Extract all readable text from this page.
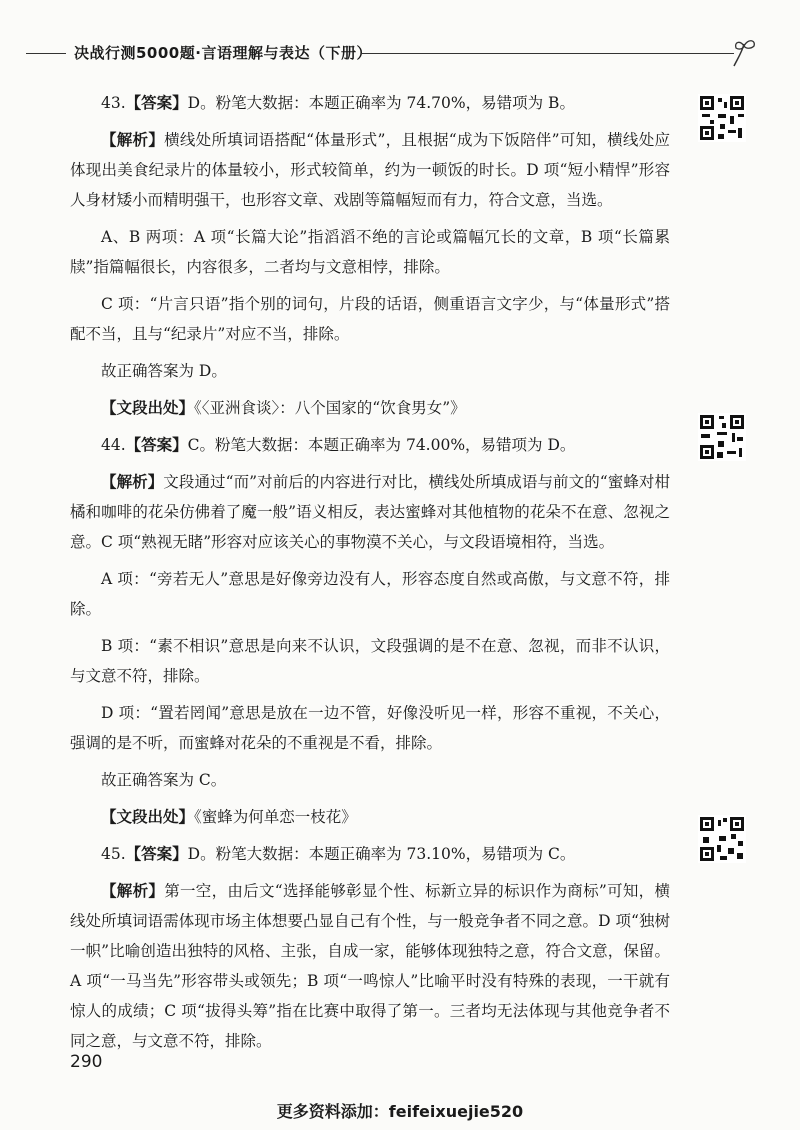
决战行测5000题·言语理解与表达（下册）

43.【答案】D。粉笔大数据：本题正确率为 74.70%，易错项为 B。

【解析】横线处所填词语搭配“体量形式”，且根据“成为下饭陪伴”可知，横线处应体现出美食纪录片的体量较小，形式较简单，约为一顿饭的时长。D 项“短小精悍”形容人身材矮小而精明强干，也形容文章、戏剧等篇幅短而有力，符合文意，当选。

A、B 两项：A 项“长篇大论”指滔滔不绝的言论或篇幅冗长的文章，B 项“长篇累牍”指篇幅很长，内容很多，二者均与文意相悖，排除。

C 项：“片言只语”指个别的词句，片段的话语，侧重语言文字少，与“体量形式”搭配不当，且与“纪录片”对应不当，排除。

故正确答案为 D。

【文段出处】《〈亚洲食谈〉：八个国家的“饮食男女”》

44.【答案】C。粉笔大数据：本题正确率为 74.00%，易错项为 D。

【解析】文段通过“而”对前后的内容进行对比，横线处所填成语与前文的“蜜蜂对柑橘和咖啡的花朵仿佛着了魔一般”语义相反，表达蜜蜂对其他植物的花朵不在意、忽视之意。C 项“熟视无睹”形容对应该关心的事物漠不关心，与文段语境相符，当选。

A 项：“旁若无人”意思是好像旁边没有人，形容态度自然或高傲，与文意不符，排除。

B 项：“素不相识”意思是向来不认识，文段强调的是不在意、忽视，而非不认识，与文意不符，排除。

D 项：“置若罔闻”意思是放在一边不管，好像没听见一样，形容不重视，不关心，强调的是不听，而蜜蜂对花朵的不重视是不看，排除。

故正确答案为 C。

【文段出处】《蜜蜂为何单恋一枝花》

45.【答案】D。粉笔大数据：本题正确率为 73.10%，易错项为 C。

【解析】第一空，由后文“选择能够彰显个性、标新立异的标识作为商标”可知，横线处所填词语需体现市场主体想要凸显自己有个性，与一般竞争者不同之意。D 项“独树一帜”比喻创造出独特的风格、主张，自成一家，能够体现独特之意，符合文意，保留。A 项“一马当先”形容带头或领先；B 项“一鸣惊人”比喻平时没有特殊的表现，一干就有惊人的成绩；C 项“拔得头筹”指在比赛中取得了第一。三者均无法体现与其他竞争者不同之意，与文意不符，排除。

290
更多资料添加：feifeixuejie520
